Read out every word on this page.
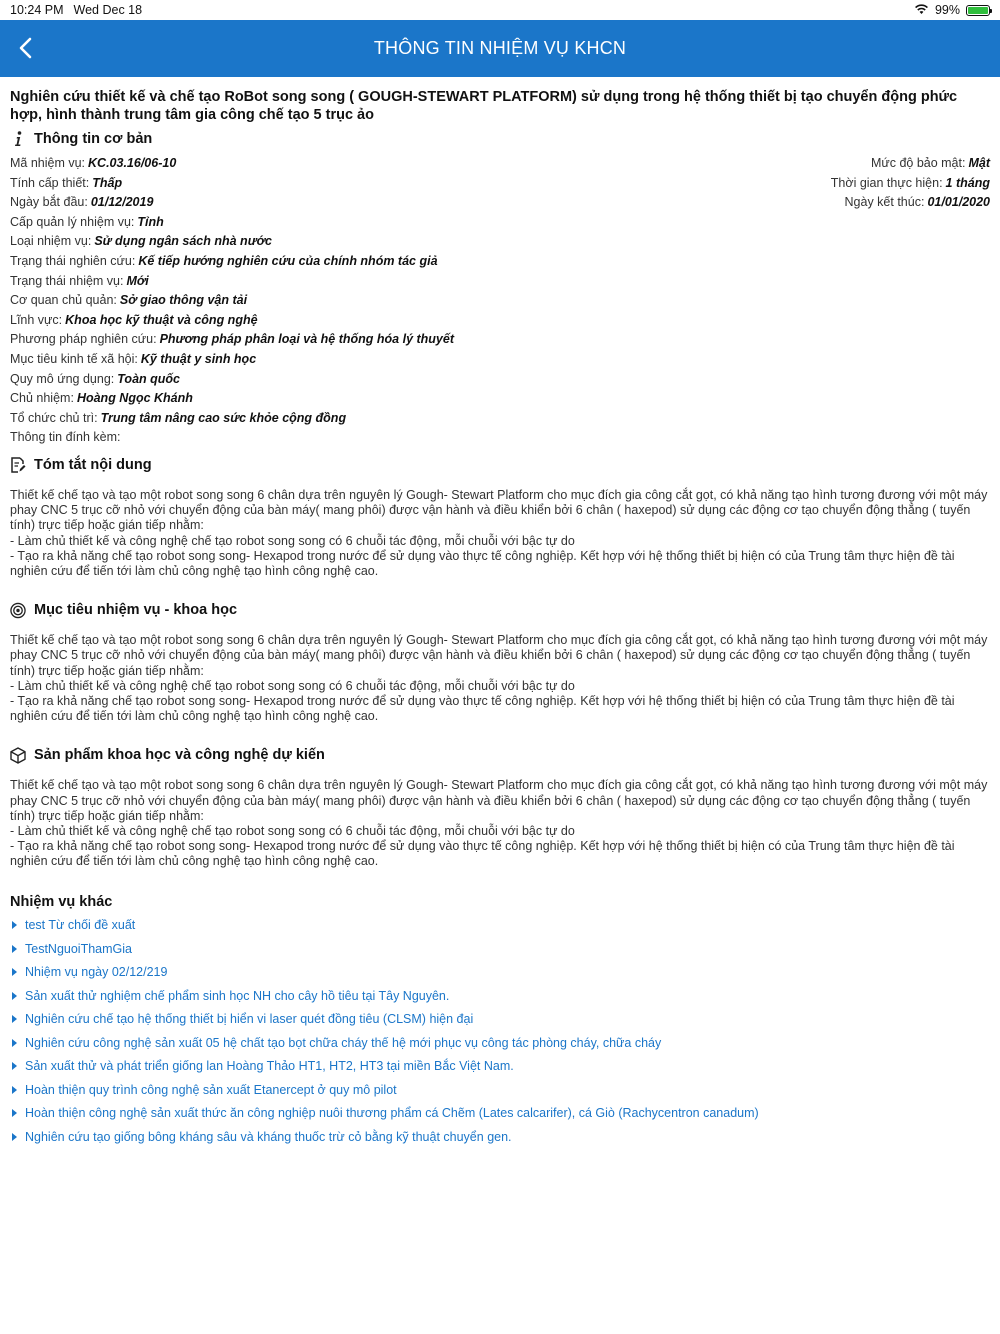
10:24 PM Wed Dec 18	99%
THÔNG TIN NHIỆM VỤ KHCN
Nghiên cứu thiết kế và chế tạo RoBot song song ( GOUGH-STEWART PLATFORM) sử dụng trong hệ thống thiết bị tạo chuyển động phức hợp, hình thành trung tâm gia công chế tạo 5 trục ảo
Thông tin cơ bản
Mã nhiệm vụ: KC.03.16/06-10	Mức độ bảo mật: Mật
Tính cấp thiết: Thấp	Thời gian thực hiện: 1 tháng
Ngày bắt đầu: 01/12/2019	Ngày kết thúc: 01/01/2020
Cấp quản lý nhiệm vụ: Tỉnh
Loại nhiệm vụ: Sử dụng ngân sách nhà nước
Trạng thái nghiên cứu: Kế tiếp hướng nghiên cứu của chính nhóm tác giả
Trạng thái nhiệm vụ: Mới
Cơ quan chủ quản: Sở giao thông vận tải
Lĩnh vực: Khoa học kỹ thuật và công nghệ
Phương pháp nghiên cứu: Phương pháp phân loại và hệ thống hóa lý thuyết
Mục tiêu kinh tế xã hội: Kỹ thuật y sinh học
Quy mô ứng dụng: Toàn quốc
Chủ nhiệm: Hoàng Ngọc Khánh
Tổ chức chủ trì: Trung tâm nâng cao sức khỏe cộng đồng
Thông tin đính kèm:
Tóm tắt nội dung
Thiết kế chế tạo và tạo một robot song song 6 chân dựa trên nguyên lý Gough- Stewart Platform cho mục đích gia công cắt gọt, có khả năng tạo hình tương đương với một máy phay CNC 5 trục cỡ nhỏ với chuyển động của bàn máy( mang phôi) được vận hành và điều khiển bởi 6 chân ( haxepod) sử dụng các động cơ tạo chuyển động thẳng ( tuyến tính) trực tiếp hoặc gián tiếp nhằm:
- Làm chủ thiết kế và công nghệ chế tạo robot song song có 6 chuỗi tác động, mỗi chuỗi với bậc tự do
- Tạo ra khả năng chế tạo robot song song- Hexapod trong nước để sử dụng vào thực tế công nghiệp. Kết hợp với hệ thống thiết bị hiện có của Trung tâm thực hiện đề tài nghiên cứu để tiến tới làm chủ công nghệ tạo hình công nghệ cao.
Mục tiêu nhiệm vụ - khoa học
Thiết kế chế tạo và tạo một robot song song 6 chân dựa trên nguyên lý Gough- Stewart Platform cho mục đích gia công cắt gọt, có khả năng tạo hình tương đương với một máy phay CNC 5 trục cỡ nhỏ với chuyển động của bàn máy( mang phôi) được vận hành và điều khiển bởi 6 chân ( haxepod) sử dụng các động cơ tạo chuyển động thẳng ( tuyến tính) trực tiếp hoặc gián tiếp nhằm:
- Làm chủ thiết kế và công nghệ chế tạo robot song song có 6 chuỗi tác động, mỗi chuỗi với bậc tự do
- Tạo ra khả năng chế tạo robot song song- Hexapod trong nước để sử dụng vào thực tế công nghiệp. Kết hợp với hệ thống thiết bị hiện có của Trung tâm thực hiện đề tài nghiên cứu để tiến tới làm chủ công nghệ tạo hình công nghệ cao.
Sản phẩm khoa học và công nghệ dự kiến
Thiết kế chế tạo và tạo một robot song song 6 chân dựa trên nguyên lý Gough- Stewart Platform cho mục đích gia công cắt gọt, có khả năng tạo hình tương đương với một máy phay CNC 5 trục cỡ nhỏ với chuyển động của bàn máy( mang phôi) được vận hành và điều khiển bởi 6 chân ( haxepod) sử dụng các động cơ tạo chuyển động thẳng ( tuyến tính) trực tiếp hoặc gián tiếp nhằm:
- Làm chủ thiết kế và công nghệ chế tạo robot song song có 6 chuỗi tác động, mỗi chuỗi với bậc tự do
- Tạo ra khả năng chế tạo robot song song- Hexapod trong nước để sử dụng vào thực tế công nghiệp. Kết hợp với hệ thống thiết bị hiện có của Trung tâm thực hiện đề tài nghiên cứu để tiến tới làm chủ công nghệ tạo hình công nghệ cao.
Nhiệm vụ khác
test Từ chối đề xuất
TestNguoiThamGia
Nhiệm vụ ngày 02/12/219
Sản xuất thử nghiệm chế phẩm sinh học NH cho cây hồ tiêu tại Tây Nguyên.
Nghiên cứu chế tạo hệ thống thiết bị hiển vi laser quét đồng tiêu (CLSM) hiện đại
Nghiên cứu công nghệ sản xuất 05 hệ chất tạo bọt chữa cháy thế hệ mới phục vụ công tác phòng cháy, chữa cháy
Sản xuất thử và phát triển giống lan Hoàng Thảo HT1, HT2, HT3 tại miền Bắc Việt Nam.
Hoàn thiện quy trình công nghệ sản xuất Etanercept ở quy mô pilot
Hoàn thiện công nghệ sản xuất thức ăn công nghiệp nuôi thương phẩm cá Chẽm (Lates calcarifer), cá Giò (Rachycentron canadum)
Nghiên cứu tạo giống bông kháng sâu và kháng thuốc trừ cỏ bằng kỹ thuật chuyển gen.
